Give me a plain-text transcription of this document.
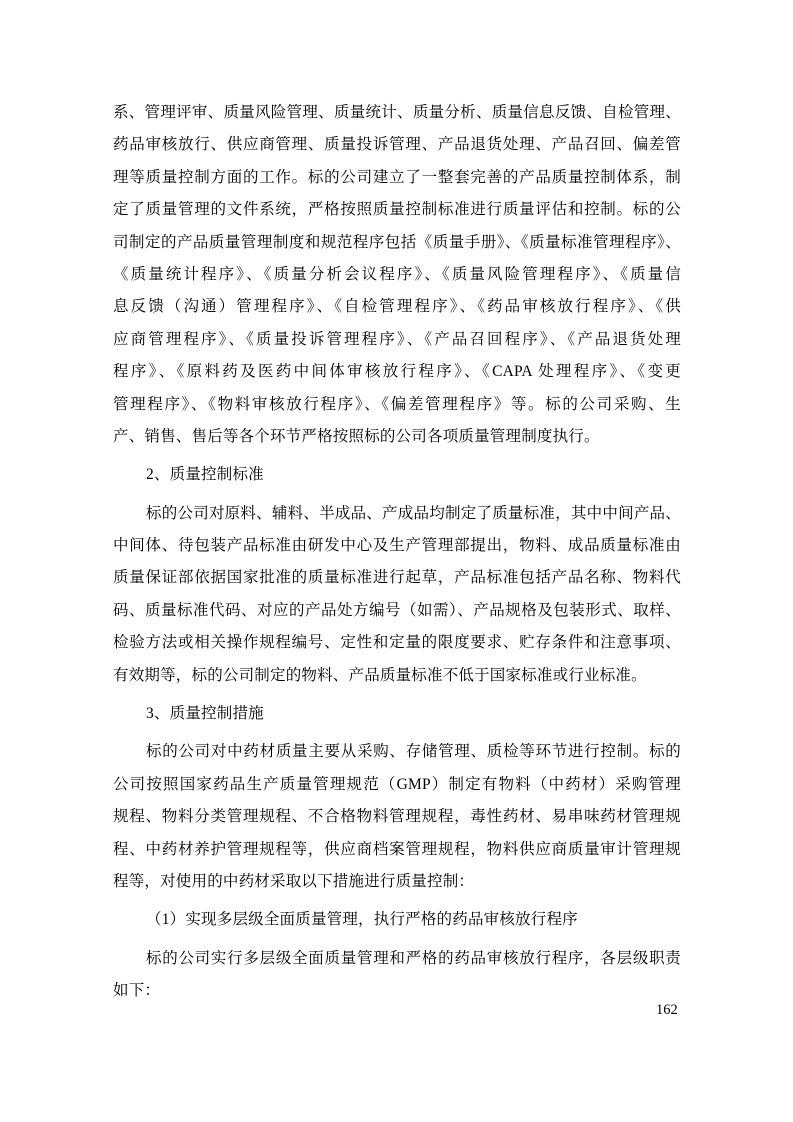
系、管理评审、质量风险管理、质量统计、质量分析、质量信息反馈、自检管理、
药品审核放行、供应商管理、质量投诉管理、产品退货处理、产品召回、偏差管
理等质量控制方面的工作。标的公司建立了一整套完善的产品质量控制体系，制
定了质量管理的文件系统，严格按照质量控制标准进行质量评估和控制。标的公
司制定的产品质量管理制度和规范程序包括《质量手册》、《质量标准管理程序》、
《质量统计程序》、《质量分析会议程序》、《质量风险管理程序》、《质量信
息反馈（沟通）管理程序》、《自检管理程序》、《药品审核放行程序》、《供
应商管理程序》、《质量投诉管理程序》、《产品召回程序》、《产品退货处理
程序》、《原料药及医药中间体审核放行程序》、《CAPA 处理程序》、《变更
管理程序》、《物料审核放行程序》、《偏差管理程序》等。标的公司采购、生
产、销售、售后等各个环节严格按照标的公司各项质量管理制度执行。
2、质量控制标准
标的公司对原料、辅料、半成品、产成品均制定了质量标准，其中中间产品、
中间体、待包装产品标准由研发中心及生产管理部提出，物料、成品质量标准由
质量保证部依据国家批准的质量标准进行起草，产品标准包括产品名称、物料代
码、质量标准代码、对应的产品处方编号（如需）、产品规格及包装形式、取样、
检验方法或相关操作规程编号、定性和定量的限度要求、贮存条件和注意事项、
有效期等，标的公司制定的物料、产品质量标准不低于国家标准或行业标准。
3、质量控制措施
标的公司对中药材质量主要从采购、存储管理、质检等环节进行控制。标的
公司按照国家药品生产质量管理规范（GMP）制定有物料（中药材）采购管理
规程、物料分类管理规程、不合格物料管理规程，毒性药材、易串味药材管理规
程、中药材养护管理规程等，供应商档案管理规程，物料供应商质量审计管理规
程等，对使用的中药材采取以下措施进行质量控制：
（1）实现多层级全面质量管理，执行严格的药品审核放行程序
标的公司实行多层级全面质量管理和严格的药品审核放行程序，各层级职责
如下：
162
